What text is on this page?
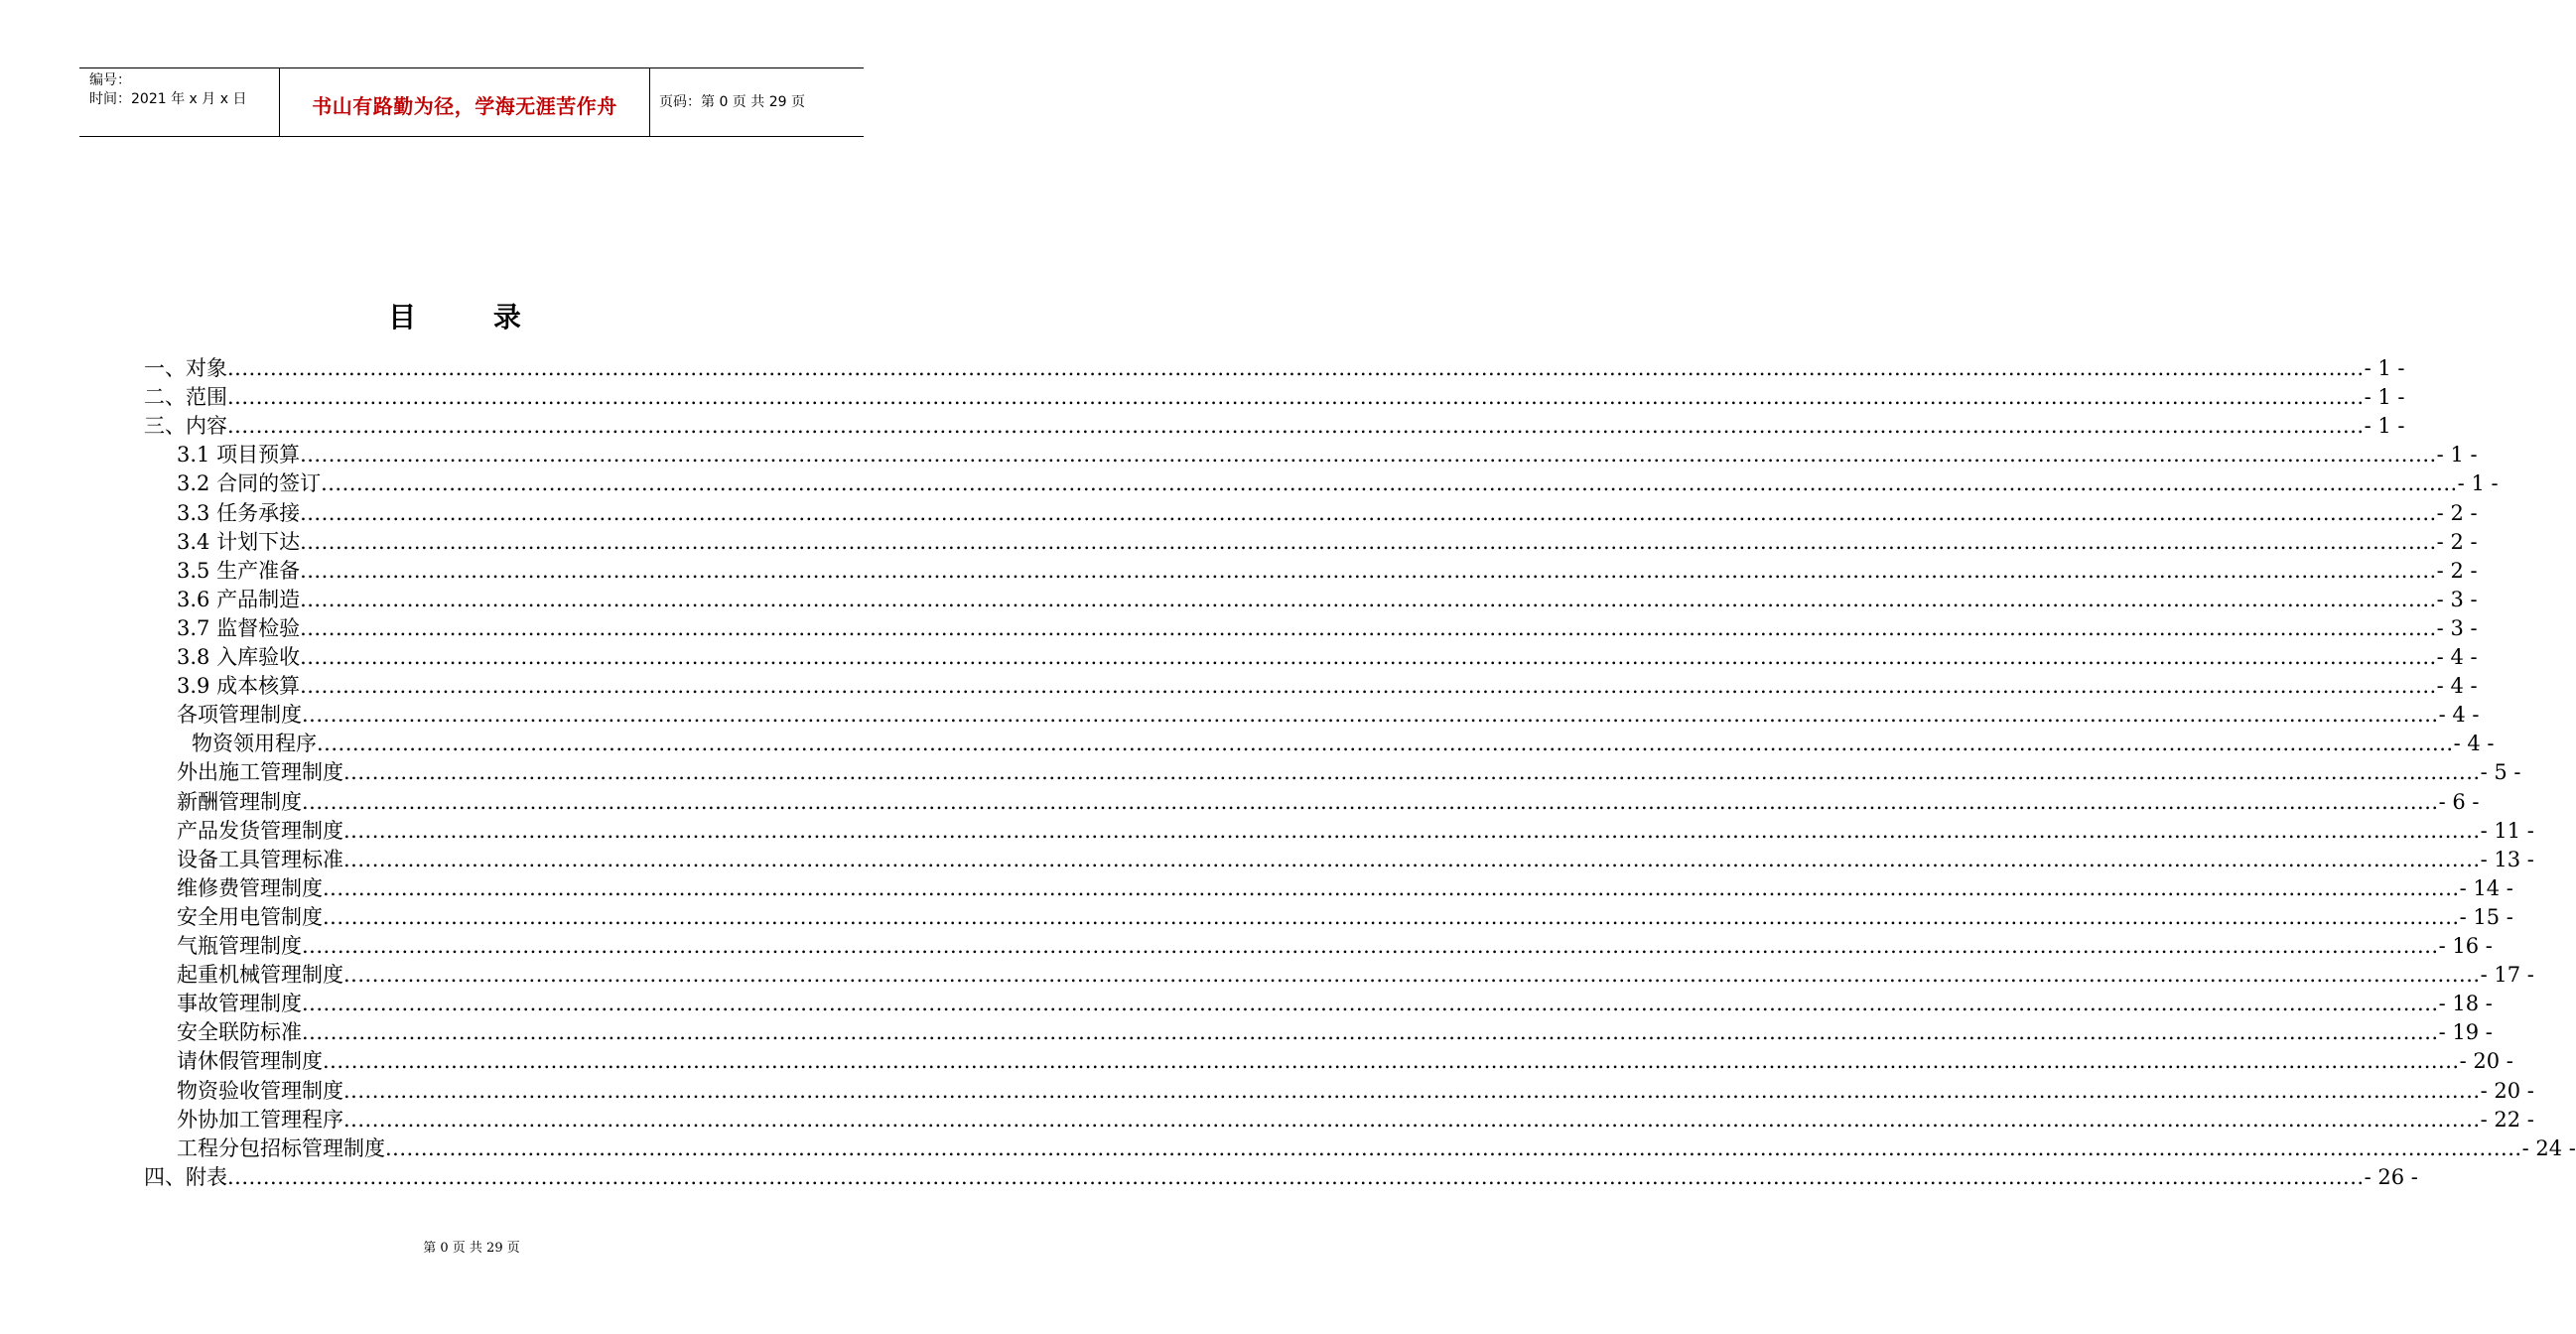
编号：
时间：2021 年 x 月 x 日	书山有路勤为径，学海无涯苦作舟	页码：第 0 页 共 29 页
目 录
一、对象 ............................................................................................................................................................................................................................................................................................................ - 1 -
二、范围 ............................................................................................................................................................................................................................................................................................................ - 1 -
三、内容 ............................................................................................................................................................................................................................................................................................................ - 1 -
3.1 项目预算 ............................................................................................................................................................................................................................................................................................................ - 1 -
3.2 合同的签订 ............................................................................................................................................................................................................................................................................................................ - 1 -
3.3 任务承接 ............................................................................................................................................................................................................................................................................................................ - 2 -
3.4 计划下达 ............................................................................................................................................................................................................................................................................................................ - 2 -
3.5 生产准备 ............................................................................................................................................................................................................................................................................................................ - 2 -
3.6 产品制造 ............................................................................................................................................................................................................................................................................................................ - 3 -
3.7 监督检验 ............................................................................................................................................................................................................................................................................................................ - 3 -
3.8 入库验收 ............................................................................................................................................................................................................................................................................................................ - 4 -
3.9 成本核算 ............................................................................................................................................................................................................................................................................................................ - 4 -
各项管理制度 ............................................................................................................................................................................................................................................................................................................ - 4 -
物资领用程序 ............................................................................................................................................................................................................................................................................................................ - 4 -
外出施工管理制度 ............................................................................................................................................................................................................................................................................................................ - 5 -
新酬管理制度 ............................................................................................................................................................................................................................................................................................................ - 6 -
产品发货管理制度 ............................................................................................................................................................................................................................................................................................................ - 11 -
设备工具管理标准 ............................................................................................................................................................................................................................................................................................................ - 13 -
维修费管理制度 ............................................................................................................................................................................................................................................................................................................ - 14 -
安全用电管制度 ............................................................................................................................................................................................................................................................................................................ - 15 -
气瓶管理制度 ............................................................................................................................................................................................................................................................................................................ - 16 -
起重机械管理制度 ............................................................................................................................................................................................................................................................................................................ - 17 -
事故管理制度 ............................................................................................................................................................................................................................................................................................................ - 18 -
安全联防标准 ............................................................................................................................................................................................................................................................................................................ - 19 -
请休假管理制度 ............................................................................................................................................................................................................................................................................................................ - 20 -
物资验收管理制度 ............................................................................................................................................................................................................................................................................................................ - 20 -
外协加工管理程序 ............................................................................................................................................................................................................................................................................................................ - 22 -
工程分包招标管理制度 ............................................................................................................................................................................................................................................................................................................ - 24 -
四、附表 ............................................................................................................................................................................................................................................................................................................ - 26 -
第 0 页 共 29 页
